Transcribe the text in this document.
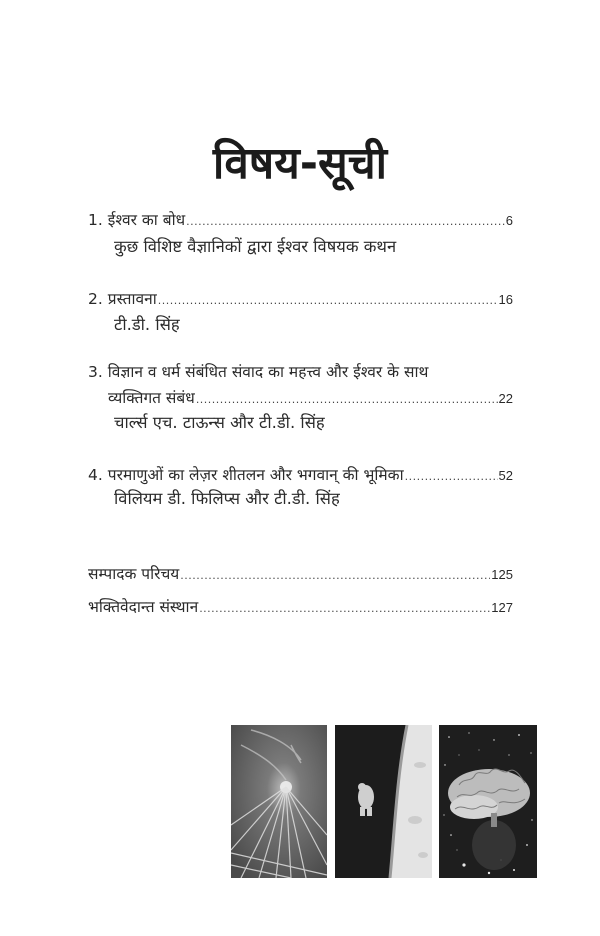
विषय-सूची
1. ईश्वर का बोध .....	6
कुछ विशिष्ट वैज्ञानिकों द्वारा ईश्वर विषयक कथन
2. प्रस्तावना .....	16
टी.डी. सिंह
3. विज्ञान व धर्म संबंधित संवाद का महत्त्व और ईश्वर के साथ
व्यक्तिगत संबंध .....	22
चार्ल्स एच. टाऊन्स और टी.डी. सिंह
4. परमाणुओं का लेज़र शीतलन और भगवान् की भूमिका .....	52
विलियम डी. फिलिप्स और टी.डी. सिंह
सम्पादक परिचय .....	125
भक्तिवेदान्त संस्थान .....	127
